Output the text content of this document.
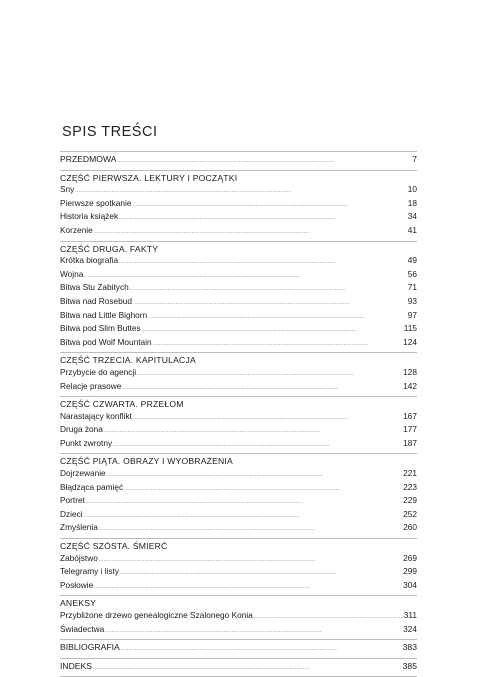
SPIS TREŚCI
PRZEDMOWA . . .	7
CZĘŚĆ PIERWSZA. LEKTURY I POCZĄTKI
Sny . . .	10
Pierwsze spotkanie . . .	18
Historia książek . . .	34
Korzenie . . .	41
CZĘŚĆ DRUGA. FAKTY
Krótka biografia . . .	49
Wojna . . .	56
Bitwa Stu Zabitych . . .	71
Bitwa nad Rosebud . . .	93
Bitwa nad Little Bighorn . . .	97
Bitwa pod Slim Buttes . . .	115
Bitwa pod Wolf Mountain . . .	124
CZĘŚĆ TRZECIA. KAPITULACJA
Przybycie do agencji . . .	128
Relacje prasowe . . .	142
CZĘŚĆ CZWARTA. PRZEŁOM
Narastający konflikt . . .	167
Druga żona . . .	177
Punkt zwrotny . . .	187
CZĘŚĆ PIĄTA. OBRAZY I WYOBRAŻENIA
Dojrzewanie . . .	221
Błądząca pamięć . . .	223
Portret . . .	229
Dzieci . . .	252
Zmyślenia . . .	260
CZĘŚĆ SZÓSTA. ŚMIERĆ
Zabójstwo . . .	269
Telegramy i listy . . .	299
Posłowie . . .	304
ANEKSY
Przybliżone drzewo genealogiczne Szalonego Konia . . .	311
Świadectwa . . .	324
BIBLIOGRAFIA . . .	383
INDEKS . . .	385
